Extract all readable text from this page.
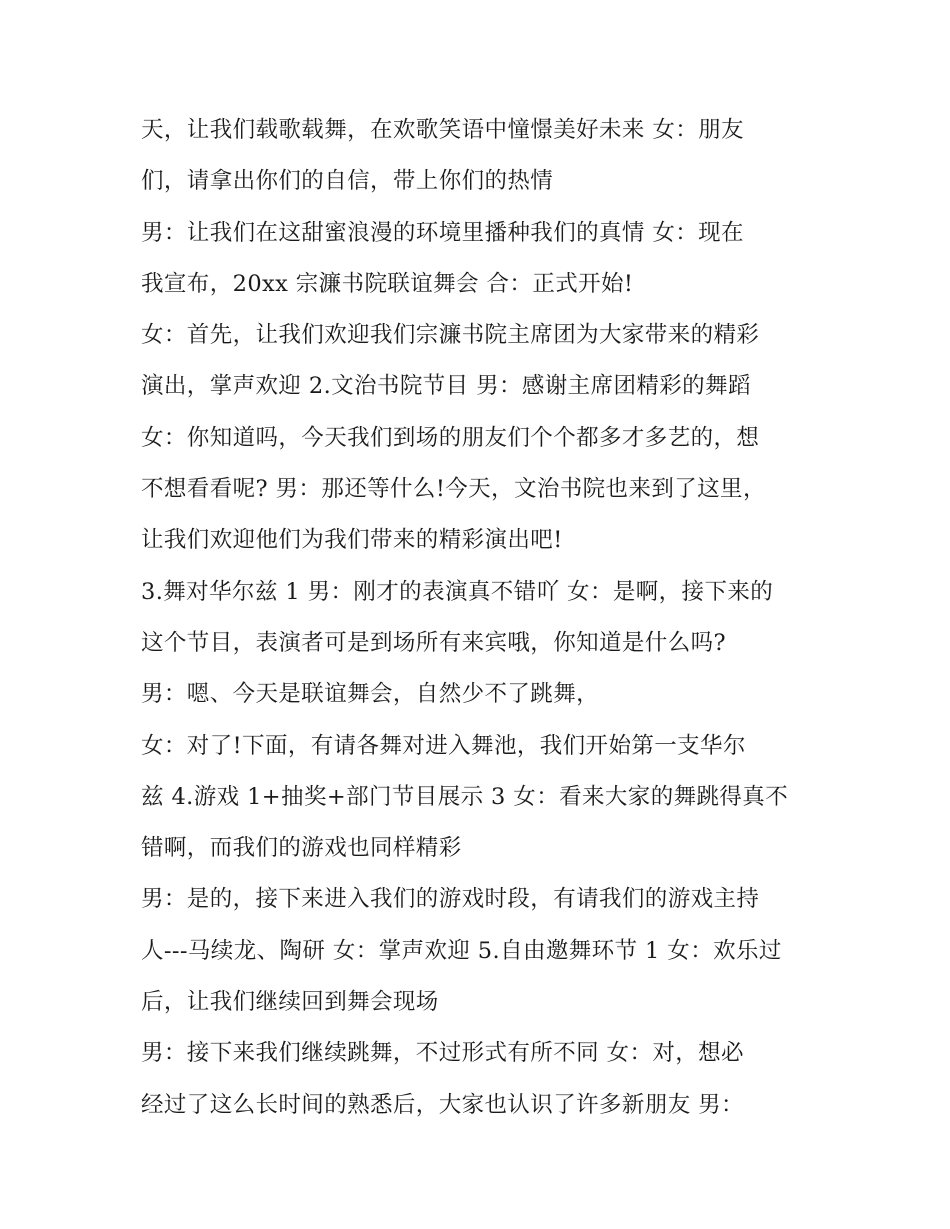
天，让我们载歌载舞，在欢歌笑语中憧憬美好未来 女：朋友
们，请拿出你们的自信，带上你们的热情
男：让我们在这甜蜜浪漫的环境里播种我们的真情 女：现在
我宣布，20xx 宗濂书院联谊舞会 合：正式开始!
女：首先，让我们欢迎我们宗濂书院主席团为大家带来的精彩
演出，掌声欢迎 2.文治书院节目 男：感谢主席团精彩的舞蹈
女：你知道吗，今天我们到场的朋友们个个都多才多艺的，想
不想看看呢? 男：那还等什么!今天，文治书院也来到了这里，
让我们欢迎他们为我们带来的精彩演出吧!
3.舞对华尔兹 1 男：刚才的表演真不错吖 女：是啊，接下来的
这个节目，表演者可是到场所有来宾哦，你知道是什么吗?
男：嗯、今天是联谊舞会，自然少不了跳舞，
女：对了!下面，有请各舞对进入舞池，我们开始第一支华尔
兹 4.游戏 1+抽奖+部门节目展示 3 女：看来大家的舞跳得真不
错啊，而我们的游戏也同样精彩
男：是的，接下来进入我们的游戏时段，有请我们的游戏主持
人---马续龙、陶研 女：掌声欢迎 5.自由邀舞环节 1 女：欢乐过
后，让我们继续回到舞会现场
男：接下来我们继续跳舞，不过形式有所不同 女：对，想必
经过了这么长时间的熟悉后，大家也认识了许多新朋友 男：
